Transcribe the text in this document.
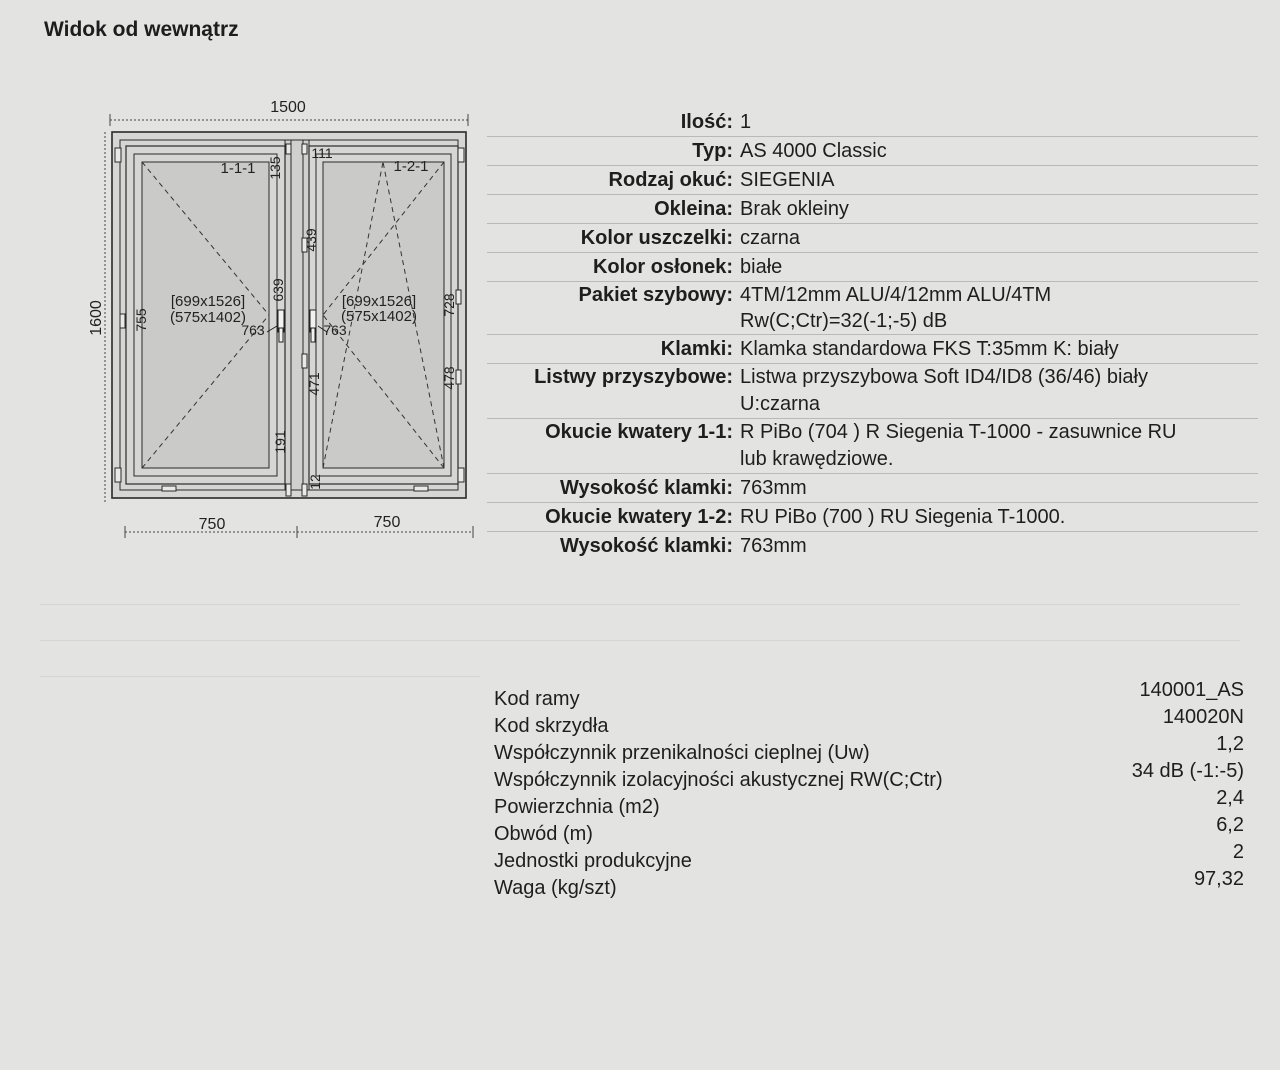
Widok od wewnątrz
1500
1600
750	750
1-1-1	1-2-1
[699x1526]
(575x1402)
[699x1526]
(575x1402)
763	763
135
755
639
191
111
439
471
12
728
478
Ilość: 1
Typ: AS 4000 Classic
Rodzaj okuć: SIEGENIA
Okleina: Brak okleiny
Kolor uszczelki: czarna
Kolor osłonek: białe
Pakiet szybowy: 4TM/12mm ALU/4/12mm ALU/4TM
Rw(C;Ctr)=32(-1;-5) dB
Klamki: Klamka standardowa FKS T:35mm K: biały
Listwy przyszybowe: Listwa przyszybowa Soft ID4/ID8 (36/46) biały
U:czarna
Okucie kwatery 1-1: R PiBo (704 ) R Siegenia T-1000 - zasuwnice RU
lub krawędziowe.
Wysokość klamki: 763mm
Okucie kwatery 1-2: RU PiBo (700 ) RU Siegenia T-1000.
Wysokość klamki: 763mm
Kod ramy	140001_AS
Kod skrzydła	140020N
Współczynnik przenikalności cieplnej (Uw)	1,2
Współczynnik izolacyjności akustycznej RW(C;Ctr)	34 dB (-1:-5)
Powierzchnia (m2)	2,4
Obwód (m)	6,2
Jednostki produkcyjne	2
Waga (kg/szt)	97,32
